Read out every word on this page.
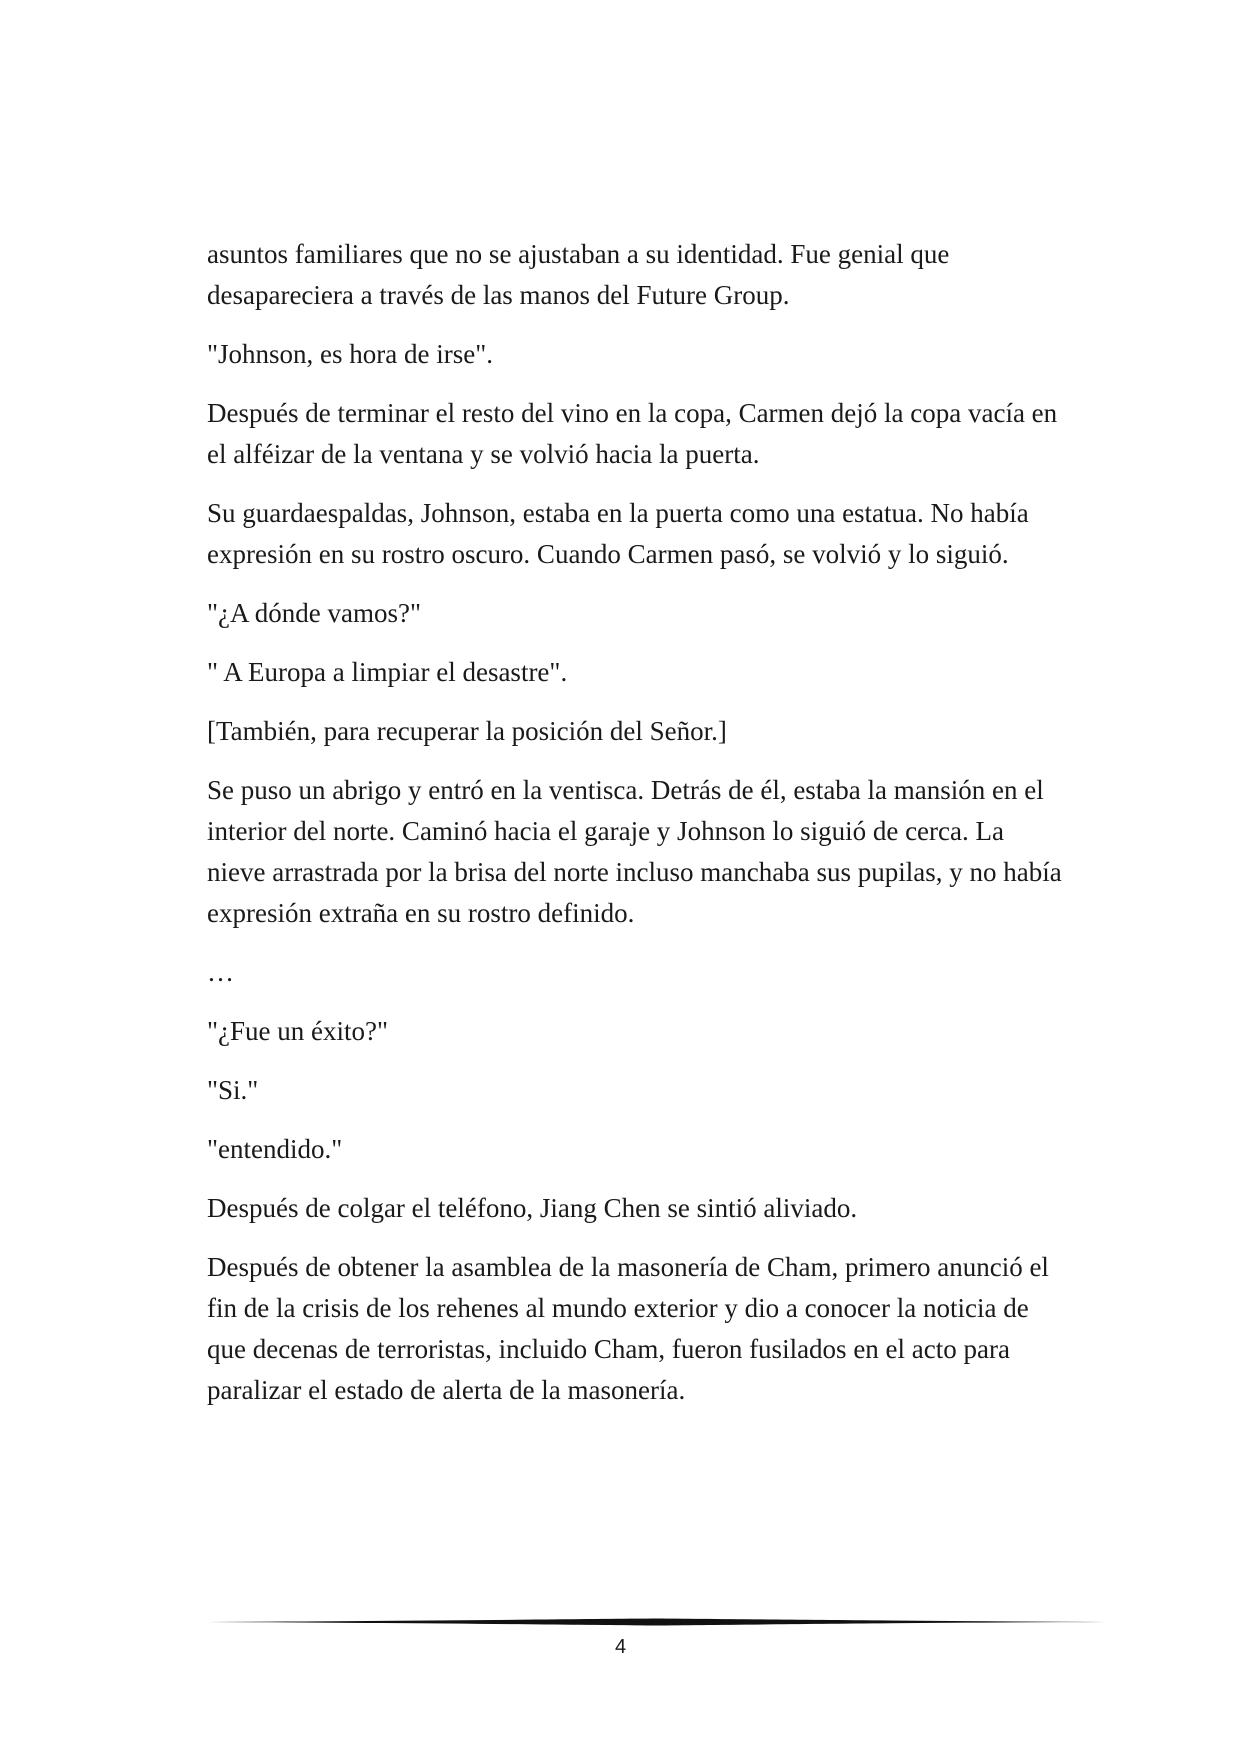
asuntos familiares que no se ajustaban a su identidad. Fue genial que desapareciera a través de las manos del Future Group.

"Johnson, es hora de irse".

Después de terminar el resto del vino en la copa, Carmen dejó la copa vacía en el alféizar de la ventana y se volvió hacia la puerta.

Su guardaespaldas, Johnson, estaba en la puerta como una estatua. No había expresión en su rostro oscuro. Cuando Carmen pasó, se volvió y lo siguió.

"¿A dónde vamos?"

" A Europa a limpiar el desastre".

[También, para recuperar la posición del Señor.]

Se puso un abrigo y entró en la ventisca. Detrás de él, estaba la mansión en el interior del norte. Caminó hacia el garaje y Johnson lo siguió de cerca. La nieve arrastrada por la brisa del norte incluso manchaba sus pupilas, y no había expresión extraña en su rostro definido.

…

"¿Fue un éxito?"

"Si."

"entendido."

Después de colgar el teléfono, Jiang Chen se sintió aliviado.

Después de obtener la asamblea de la masonería de Cham, primero anunció el fin de la crisis de los rehenes al mundo exterior y dio a conocer la noticia de que decenas de terroristas, incluido Cham, fueron fusilados en el acto para paralizar el estado de alerta de la masonería.

4
